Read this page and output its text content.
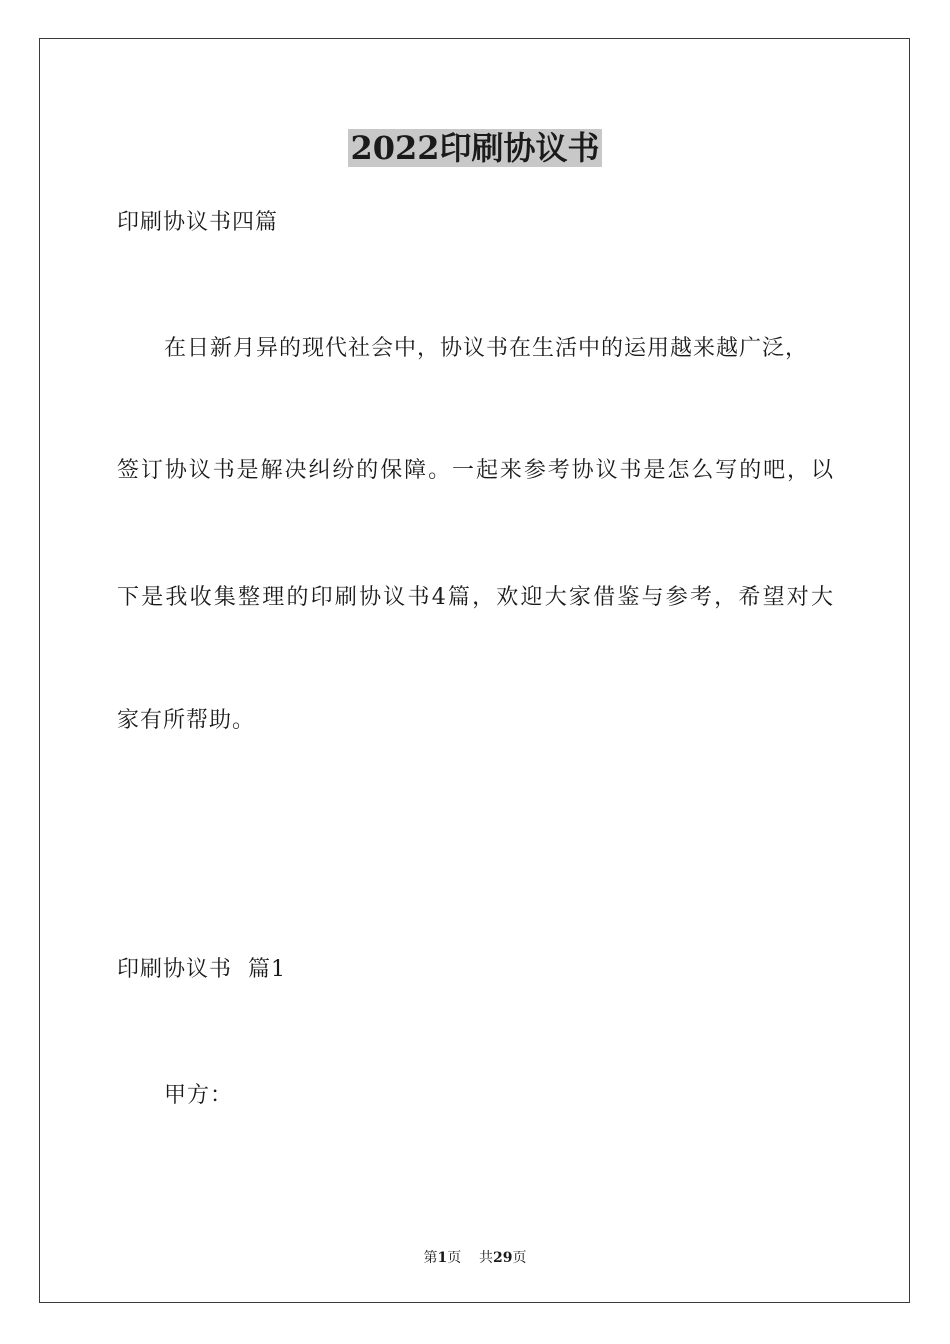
2022印刷协议书
印刷协议书四篇
在日新月异的现代社会中，协议书在生活中的运用越来越广泛，
签订协议书是解决纠纷的保障。一起来参考协议书是怎么写的吧，以
下是我收集整理的印刷协议书4篇，欢迎大家借鉴与参考，希望对大
家有所帮助。
印刷协议书  篇1
甲方：
第1页    共29页
